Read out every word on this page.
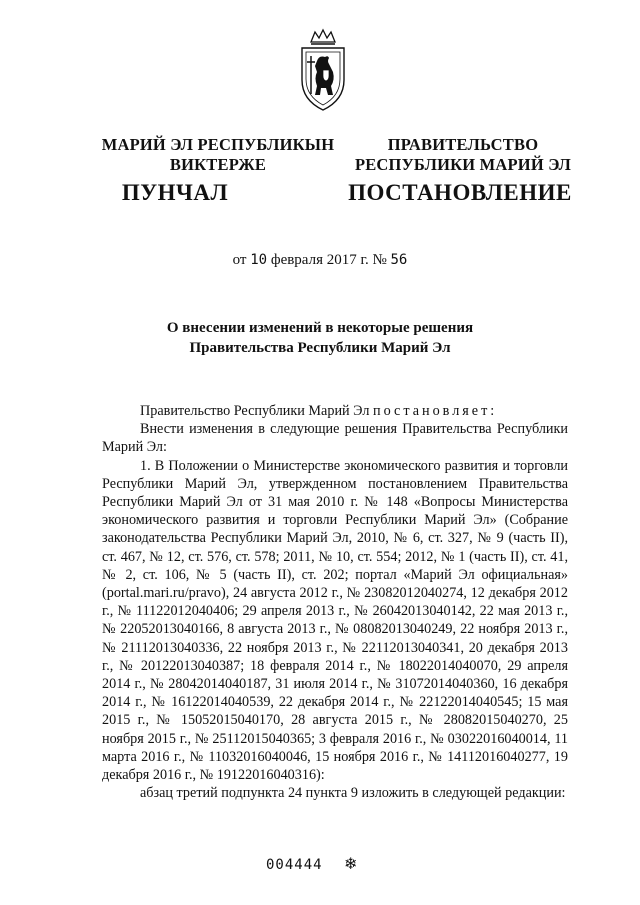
МАРИЙ ЭЛ РЕСПУБЛИКЫН
ВИКТЕРЖЕ
ПРАВИТЕЛЬСТВО
РЕСПУБЛИКИ МАРИЙ ЭЛ
ПУНЧАЛ	ПОСТАНОВЛЕНИЕ
от 10 февраля 2017 г. № 56
О внесении изменений в некоторые решения
Правительства Республики Марий Эл

Правительство Республики Марий Эл постановляет:

Внести изменения в следующие решения Правительства Республики Марий Эл:

1. В Положении о Министерстве экономического развития и торговли Республики Марий Эл, утвержденном постановлением Правительства Республики Марий Эл от 31 мая 2010 г. № 148 «Вопросы Министерства экономического развития и торговли Республики Марий Эл» (Собрание законодательства Республики Марий Эл, 2010, № 6, ст. 327, № 9 (часть II), ст. 467, № 12, ст. 576, ст. 578; 2011, № 10, ст. 554; 2012, № 1 (часть II), ст. 41, № 2, ст. 106, № 5 (часть II), ст. 202; портал «Марий Эл официальная» (portal.mari.ru/pravo), 24 августа 2012 г., № 23082012040274, 12 декабря 2012 г., № 11122012040406; 29 апреля 2013 г., № 26042013040142, 22 мая 2013 г., № 22052013040166, 8 августа 2013 г., № 08082013040249, 22 ноября 2013 г., № 21112013040336, 22 ноября 2013 г., № 22112013040341, 20 декабря 2013 г., № 20122013040387; 18 февраля 2014 г., № 18022014040070, 29 апреля 2014 г., № 28042014040187, 31 июля 2014 г., № 31072014040360, 16 декабря 2014 г., № 16122014040539, 22 декабря 2014 г., № 22122014040545; 15 мая 2015 г., № 15052015040170, 28 августа 2015 г., № 28082015040270, 25 ноября 2015 г., № 25112015040365; 3 февраля 2016 г., № 03022016040014, 11 марта 2016 г., № 11032016040046, 15 ноября 2016 г., № 14112016040277, 19 декабря 2016 г., № 19122016040316):

абзац третий подпункта 24 пункта 9 изложить в следующей редакции:

004444 ❄
